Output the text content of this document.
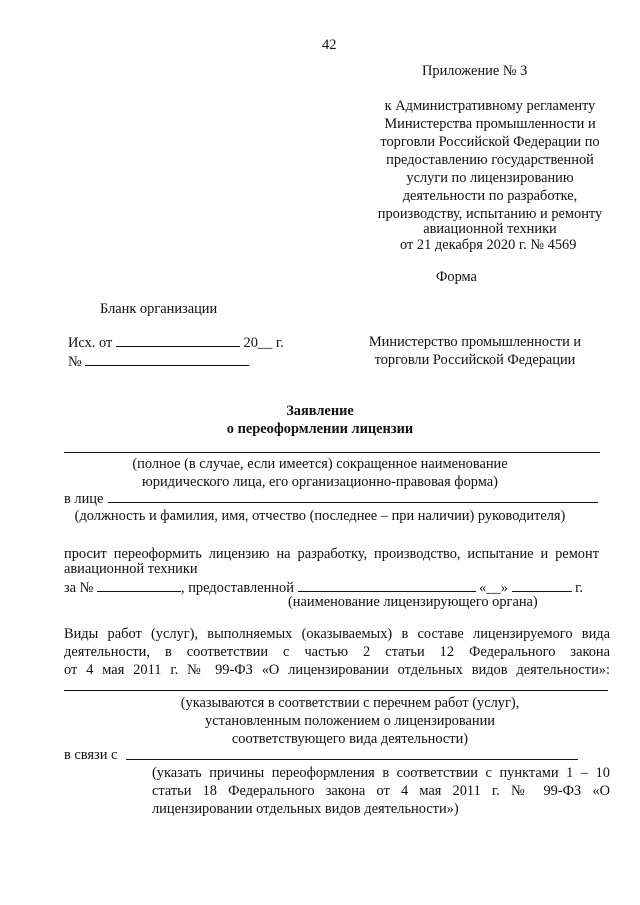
42
Приложение № 3
к Административному регламенту
Министерства промышленности и
торговли Российской Федерации по
предоставлению государственной
услуги по лицензированию
деятельности по разработке,
производству, испытанию и ремонту
авиационной техники
от 21 декабря 2020 г. № 4569
Форма
Бланк организации
Исх. от	20__ г.
№
Министерство промышленности и
торговли Российской Федерации
Заявление
о переоформлении лицензии
(полное (в случае, если имеется) сокращенное наименование
юридического лица, его организационно-правовая форма)
в лице
(должность и фамилия, имя, отчество (последнее – при наличии) руководителя)
просит переоформить лицензию на разработку, производство, испытание и ремонт
авиационной техники
за №	, предоставленной	«__»	г.
(наименование лицензирующего органа)
Виды работ (услуг), выполняемых (оказываемых) в составе лицензируемого вида
деятельности, в соответствии с частью 2 статьи 12 Федерального закона
от 4 мая 2011 г. № 99-ФЗ «О лицензировании отдельных видов деятельности»:
(указываются в соответствии с перечнем работ (услуг),
установленным положением о лицензировании
соответствующего вида деятельности)
в связи с
(указать причины переоформления в соответствии с пунктами 1 – 10
статьи 18 Федерального закона от 4 мая 2011 г. № 99-ФЗ «О
лицензировании отдельных видов деятельности»)
